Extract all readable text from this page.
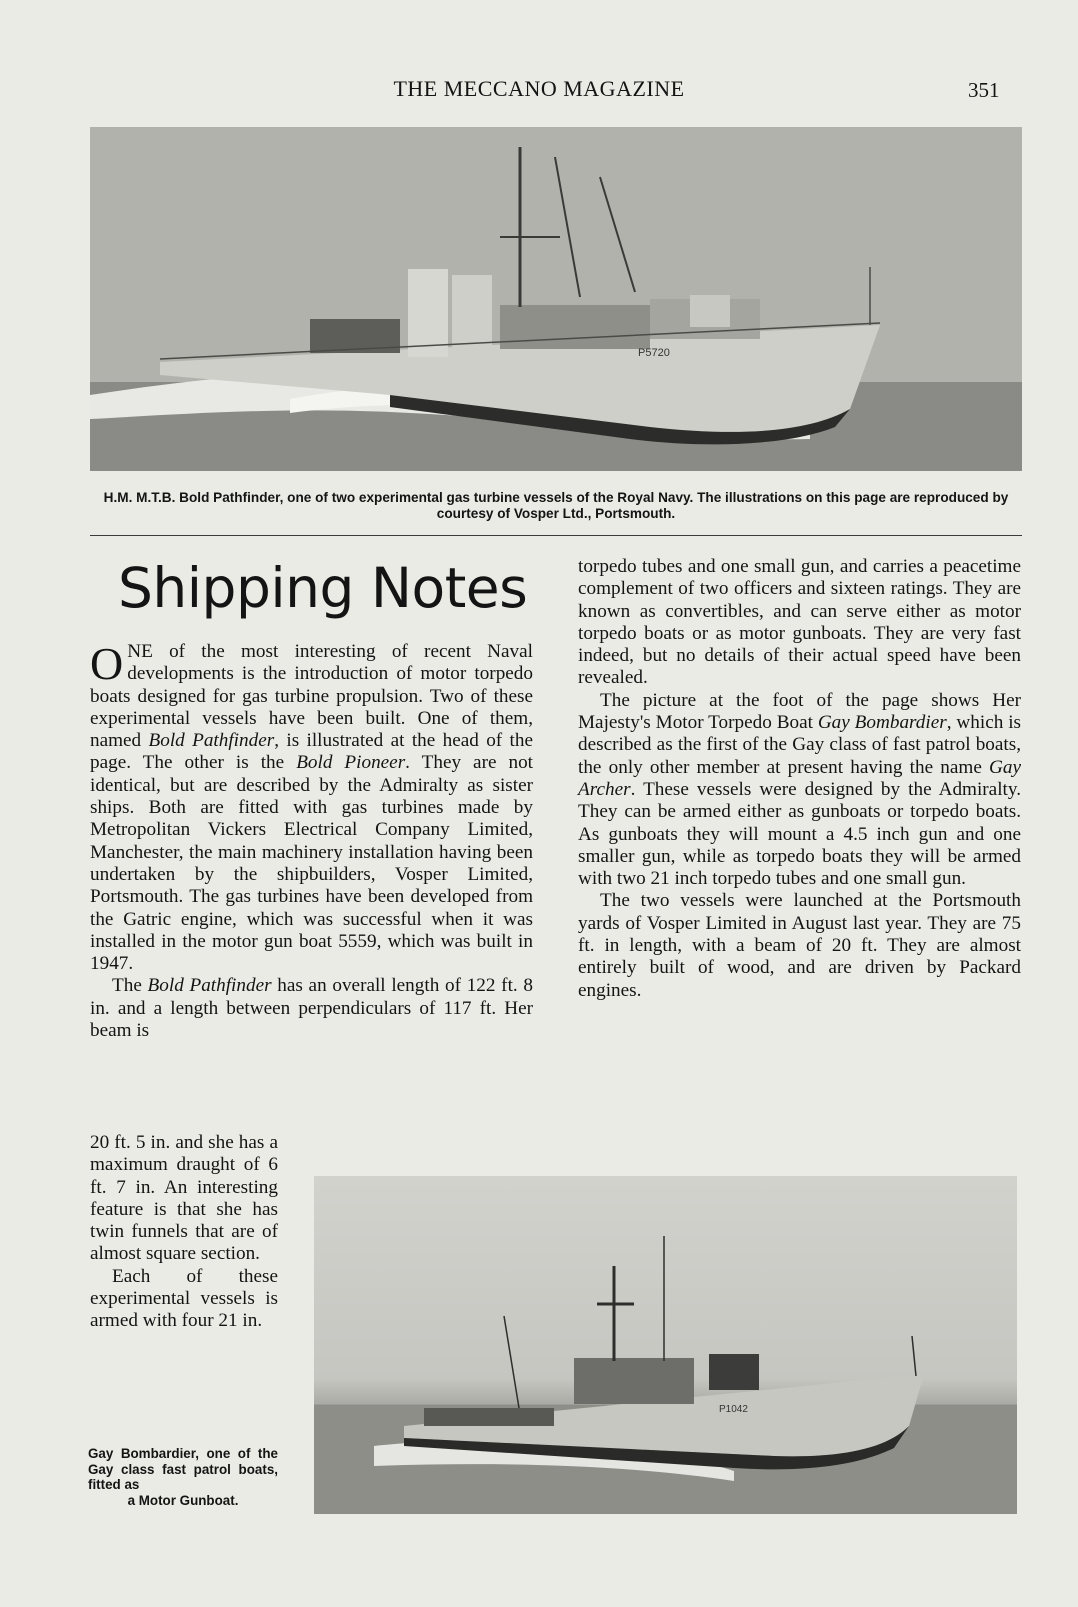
THE MECCANO MAGAZINE	351
P5720
H.M. M.T.B. Bold Pathfinder, one of two experimental gas turbine vessels of the Royal Navy. The illustrations on this page are reproduced by courtesy of Vosper Ltd., Portsmouth.
Shipping Notes

ONE of the most interesting of recent Naval developments is the introduction of motor torpedo boats designed for gas turbine propulsion. Two of these experimental vessels have been built. One of them, named Bold Pathfinder, is illustrated at the head of the page. The other is the Bold Pioneer. They are not identical, but are described by the Admiralty as sister ships. Both are fitted with gas turbines made by Metropolitan Vickers Electrical Company Limited, Manchester, the main machinery installation having been undertaken by the shipbuilders, Vosper Limited, Portsmouth. The gas turbines have been developed from the Gatric engine, which was successful when it was installed in the motor gun boat 5559, which was built in 1947.

The Bold Pathfinder has an overall length of 122 ft. 8 in. and a length between perpendiculars of 117 ft. Her beam is

20 ft. 5 in. and she has a maximum draught of 6 ft. 7 in. An interesting feature is that she has twin funnels that are of almost square section.

Each of these experimental vessels is armed with four 21 in.

torpedo tubes and one small gun, and carries a peacetime complement of two officers and sixteen ratings. They are known as convertibles, and can serve either as motor torpedo boats or as motor gunboats. They are very fast indeed, but no details of their actual speed have been revealed.

The picture at the foot of the page shows Her Majesty's Motor Torpedo Boat Gay Bombardier, which is described as the first of the Gay class of fast patrol boats, the only other member at present having the name Gay Archer. These vessels were designed by the Admiralty. They can be armed either as gunboats or torpedo boats. As gunboats they will mount a 4.5 inch gun and one smaller gun, while as torpedo boats they will be armed with two 21 inch torpedo tubes and one small gun.

The two vessels were launched at the Portsmouth yards of Vosper Limited in August last year. They are 75 ft. in length, with a beam of 20 ft. They are almost entirely built of wood, and are driven by Packard engines.

P1042
Gay Bombardier, one of the Gay class fast patrol boats, fitted as
a Motor Gunboat.
